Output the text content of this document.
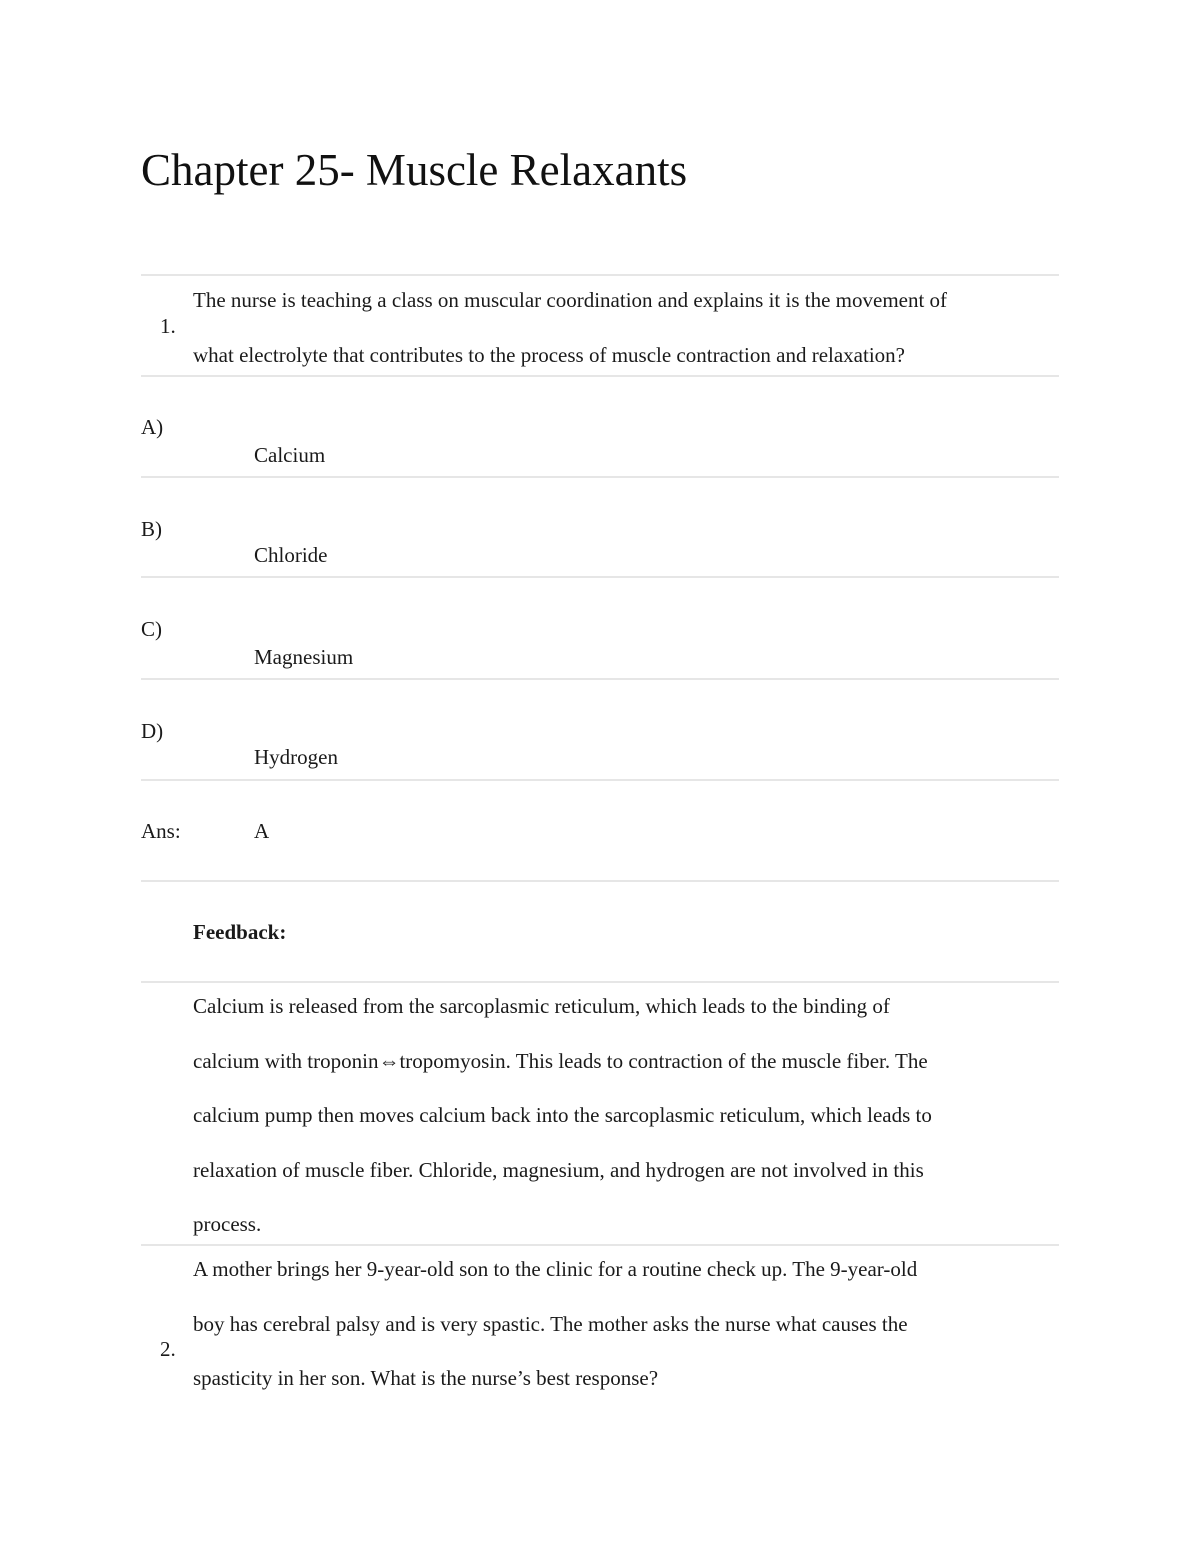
Chapter 25- Muscle Relaxants
1.
The nurse is teaching a class on muscular coordination and explains it is the movement of
what electrolyte that contributes to the process of muscle contraction and relaxation?
A)
Calcium
B)
Chloride
C)
Magnesium
D)
Hydrogen
Ans:	A
Feedback:
Calcium is released from the sarcoplasmic reticulum, which leads to the binding of
calcium with troponin⇔tropomyosin. This leads to contraction of the muscle fiber. The
calcium pump then moves calcium back into the sarcoplasmic reticulum, which leads to
relaxation of muscle fiber. Chloride, magnesium, and hydrogen are not involved in this
process.
2.
A mother brings her 9-year-old son to the clinic for a routine check up. The 9-year-old
boy has cerebral palsy and is very spastic. The mother asks the nurse what causes the
spasticity in her son. What is the nurse’s best response?
